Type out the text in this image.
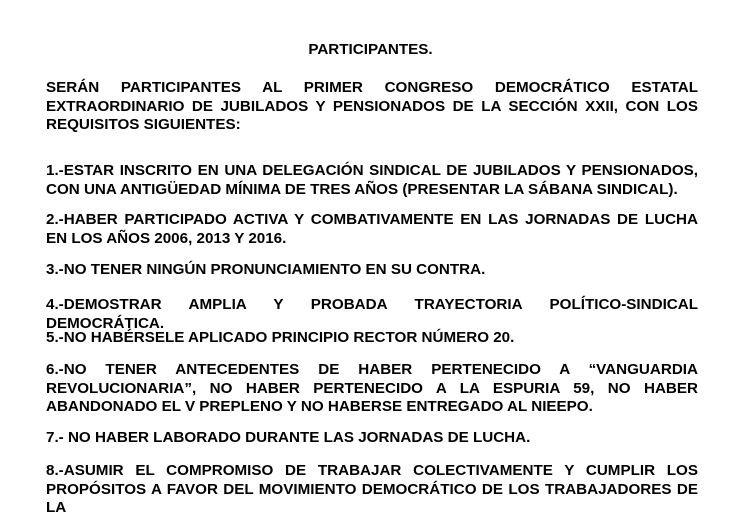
PARTICIPANTES.

SERÁN PARTICIPANTES AL PRIMER CONGRESO DEMOCRÁTICO ESTATAL EXTRAORDINARIO DE JUBILADOS Y PENSIONADOS DE LA SECCIÓN XXII, CON LOS REQUISITOS SIGUIENTES:

1.-ESTAR INSCRITO EN UNA DELEGACIÓN SINDICAL DE JUBILADOS Y PENSIONADOS, CON UNA ANTIGÜEDAD MÍNIMA DE TRES AÑOS (PRESENTAR LA SÁBANA SINDICAL).

2.-HABER PARTICIPADO ACTIVA Y COMBATIVAMENTE EN LAS JORNADAS DE LUCHA EN LOS AÑOS 2006, 2013 Y 2016.

3.-NO TENER NINGÚN PRONUNCIAMIENTO EN SU CONTRA.

4.-DEMOSTRAR AMPLIA Y PROBADA TRAYECTORIA POLÍTICO-SINDICAL DEMOCRÁTICA.

5.-NO HABÉRSELE APLICADO PRINCIPIO RECTOR NÚMERO 20.

6.-NO TENER ANTECEDENTES DE HABER PERTENECIDO A “VANGUARDIA REVOLUCIONARIA”, NO HABER PERTENECIDO A LA ESPURIA 59, NO HABER ABANDONADO EL V PREPLENO Y NO HABERSE ENTREGADO AL NIEEPO.

7.- NO HABER LABORADO DURANTE LAS JORNADAS DE LUCHA.

8.-ASUMIR EL COMPROMISO DE TRABAJAR COLECTIVAMENTE Y CUMPLIR LOS PROPÓSITOS A FAVOR DEL MOVIMIENTO DEMOCRÁTICO DE LOS TRABAJADORES DE LA
